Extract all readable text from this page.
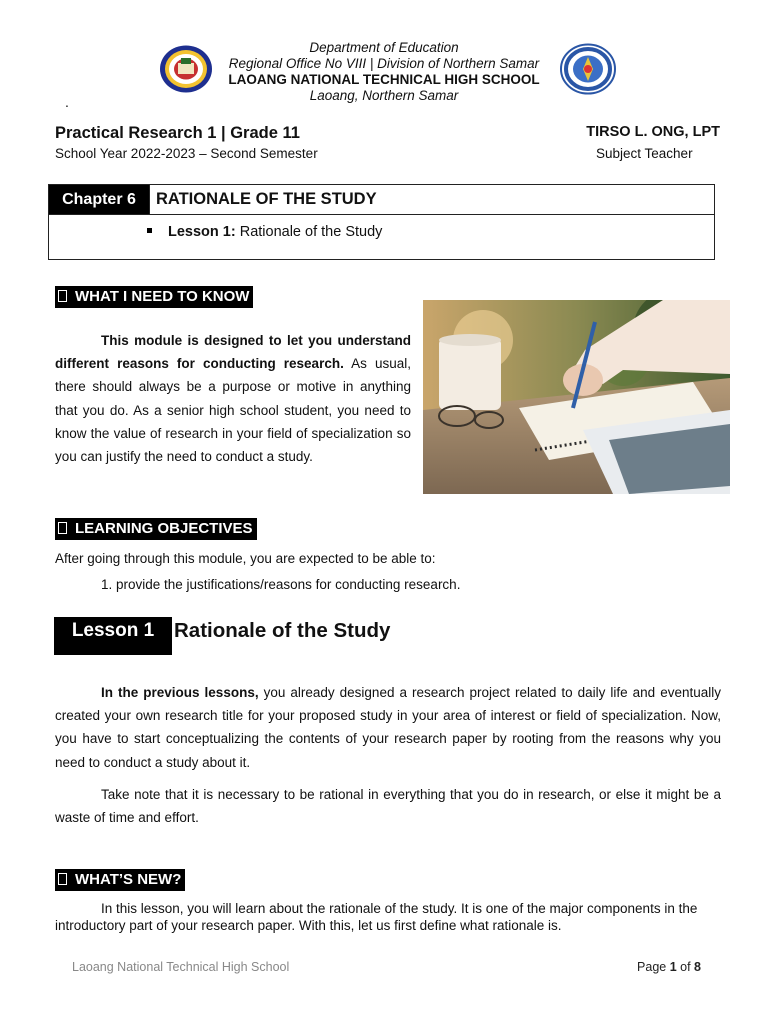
Department of Education
Regional Office No VIII | Division of Northern Samar
LAOANG NATIONAL TECHNICAL HIGH SCHOOL
Laoang, Northern Samar
.
Practical Research 1 | Grade 11
School Year 2022-2023 – Second Semester
TIRSO L. ONG, LPT
Subject Teacher
Chapter 6	RATIONALE OF THE STUDY
Lesson 1: Rationale of the Study
WHAT I NEED TO KNOW
This module is designed to let you understand different reasons for conducting research. As usual, there should always be a purpose or motive in anything that you do. As a senior high school student, you need to know the value of research in your field of specialization so you can justify the need to conduct a study.
LEARNING OBJECTIVES
After going through this module, you are expected to be able to:
1. provide the justifications/reasons for conducting research.
Lesson 1 Rationale of the Study
In the previous lessons, you already designed a research project related to daily life and eventually created your own research title for your proposed study in your area of interest or field of specialization. Now, you have to start conceptualizing the contents of your research paper by rooting from the reasons why you need to conduct a study about it.
Take note that it is necessary to be rational in everything that you do in research, or else it might be a waste of time and effort.
WHAT’S NEW?
In this lesson, you will learn about the rationale of the study. It is one of the major components in the introductory part of your research paper. With this, let us first define what rationale is.
Laoang National Technical High School	Page 1 of 8
